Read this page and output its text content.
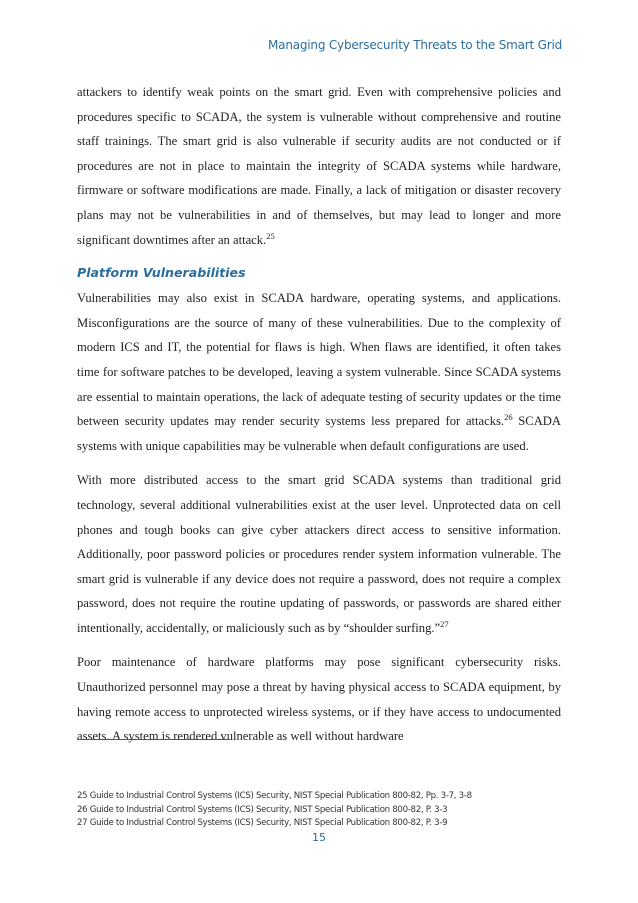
Managing Cybersecurity Threats to the Smart Grid

attackers to identify weak points on the smart grid. Even with comprehensive policies and procedures specific to SCADA, the system is vulnerable without comprehensive and routine staff trainings. The smart grid is also vulnerable if security audits are not conducted or if procedures are not in place to maintain the integrity of SCADA systems while hardware, firmware or software modifications are made. Finally, a lack of mitigation or disaster recovery plans may not be vulnerabilities in and of themselves, but may lead to longer and more significant downtimes after an attack.$^{25}$

Platform Vulnerabilities

Vulnerabilities may also exist in SCADA hardware, operating systems, and applications. Misconfigurations are the source of many of these vulnerabilities. Due to the complexity of modern ICS and IT, the potential for flaws is high. When flaws are identified, it often takes time for software patches to be developed, leaving a system vulnerable. Since SCADA systems are essential to maintain operations, the lack of adequate testing of security updates or the time between security updates may render security systems less prepared for attacks.$^{26}$ SCADA systems with unique capabilities may be vulnerable when default configurations are used.

With more distributed access to the smart grid SCADA systems than traditional grid technology, several additional vulnerabilities exist at the user level. Unprotected data on cell phones and tough books can give cyber attackers direct access to sensitive information. Additionally, poor password policies or procedures render system information vulnerable. The smart grid is vulnerable if any device does not require a password, does not require a complex password, does not require the routine updating of passwords, or passwords are shared either intentionally, accidentally, or maliciously such as by “shoulder surfing.”$^{27}$

Poor maintenance of hardware platforms may pose significant cybersecurity risks. Unauthorized personnel may pose a threat by having physical access to SCADA equipment, by having remote access to unprotected wireless systems, or if they have access to undocumented assets. A system is rendered vulnerable as well without hardware

25 Guide to Industrial Control Systems (ICS) Security, NIST Special Publication 800-82, Pp. 3-7, 3-8
26 Guide to Industrial Control Systems (ICS) Security, NIST Special Publication 800-82, P. 3-3
27 Guide to Industrial Control Systems (ICS) Security, NIST Special Publication 800-82, P. 3-9
15
